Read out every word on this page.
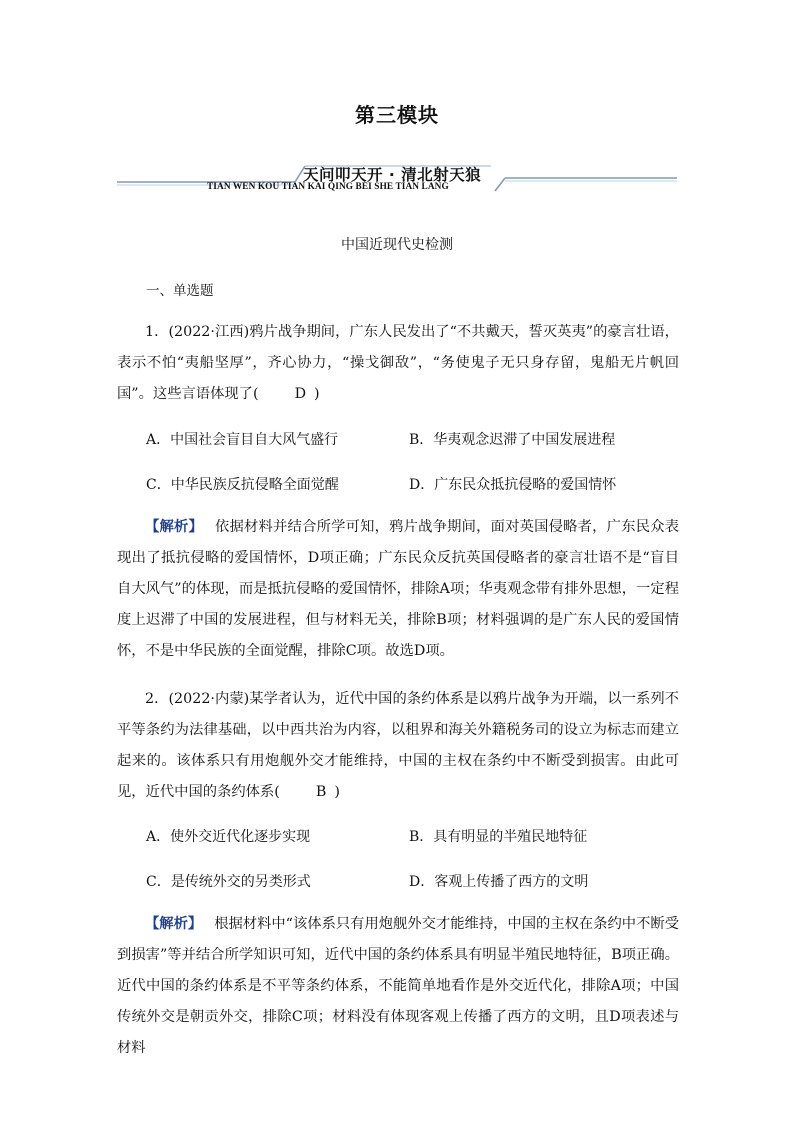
第三模块
天问叩天开 · 清北射天狼
TIAN WEN KOU TIAN KAI QING BEI SHE TIAN LANG
中国近现代史检测
一、单选题

1．(2022·江西)鸦片战争期间，广东人民发出了“不共戴天，誓灭英夷”的豪言壮语，表示不怕“夷船坚厚”，齐心协力，“操戈御敌”，“务使鬼子无只身存留，鬼船无片帆回国”。这些言语体现了(	D )

A．中国社会盲目自大风气盛行	B．华夷观念迟滞了中国发展进程
C．中华民族反抗侵略全面觉醒	D．广东民众抵抗侵略的爱国情怀

【解析】 依据材料并结合所学可知，鸦片战争期间，面对英国侵略者，广东民众表现出了抵抗侵略的爱国情怀，D项正确；广东民众反抗英国侵略者的豪言壮语不是“盲目自大风气”的体现，而是抵抗侵略的爱国情怀，排除A项；华夷观念带有排外思想，一定程度上迟滞了中国的发展进程，但与材料无关，排除B项；材料强调的是广东人民的爱国情怀，不是中华民族的全面觉醒，排除C项。故选D项。

2．(2022·内蒙)某学者认为，近代中国的条约体系是以鸦片战争为开端，以一系列不平等条约为法律基础，以中西共治为内容，以租界和海关外籍税务司的设立为标志而建立起来的。该体系只有用炮舰外交才能维持，中国的主权在条约中不断受到损害。由此可见，近代中国的条约体系(	B )

A．使外交近代化逐步实现	B．具有明显的半殖民地特征
C．是传统外交的另类形式	D．客观上传播了西方的文明

【解析】 根据材料中“该体系只有用炮舰外交才能维持，中国的主权在条约中不断受到损害”等并结合所学知识可知，近代中国的条约体系具有明显半殖民地特征，B项正确。近代中国的条约体系是不平等条约体系，不能简单地看作是外交近代化，排除A项；中国传统外交是朝贡外交，排除C项；材料没有体现客观上传播了西方的文明，且D项表述与材料
